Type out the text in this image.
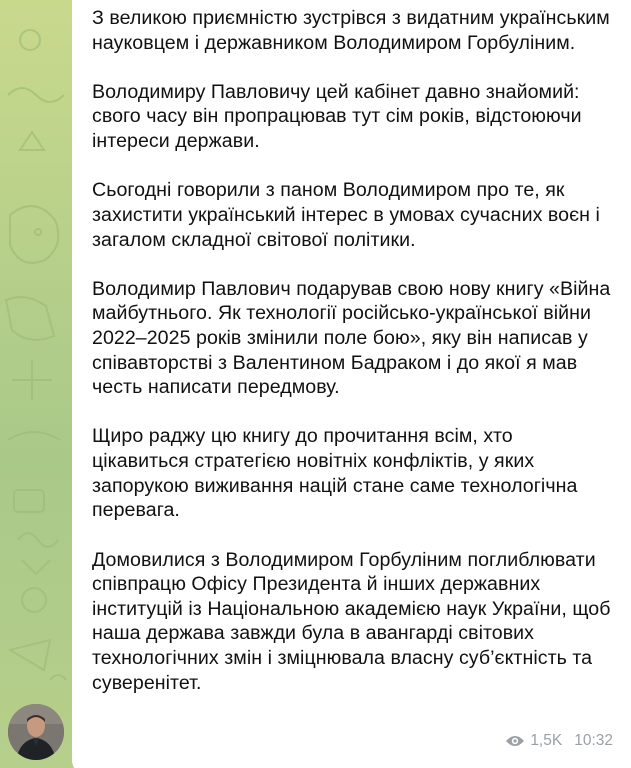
З великою приємністю зустрівся з видатним українським науковцем і державником Володимиром Горбуліним.

Володимиру Павловичу цей кабінет давно знайомий: свого часу він пропрацював тут сім років, відстоюючи інтереси держави.

Сьогодні говорили з паном Володимиром про те, як захистити український інтерес в умовах сучасних воєн і загалом складної світової політики.

Володимир Павлович подарував свою нову книгу «Війна майбутнього. Як технології російсько-української війни 2022–2025 років змінили поле бою», яку він написав у співавторстві з Валентином Бадраком і до якої я мав честь написати передмову.

Щиро раджу цю книгу до прочитання всім, хто цікавиться стратегією новітніх конфліктів, у яких запорукою виживання націй стане саме технологічна перевага.

Домовилися з Володимиром Горбуліним поглиблювати співпрацю Офісу Президента й інших державних інституцій із Національною академією наук України, щоб наша держава завжди була в авангарді світових технологічних змін і зміцнювала власну суб’єктність та суверенітет.

1,5K 10:32
